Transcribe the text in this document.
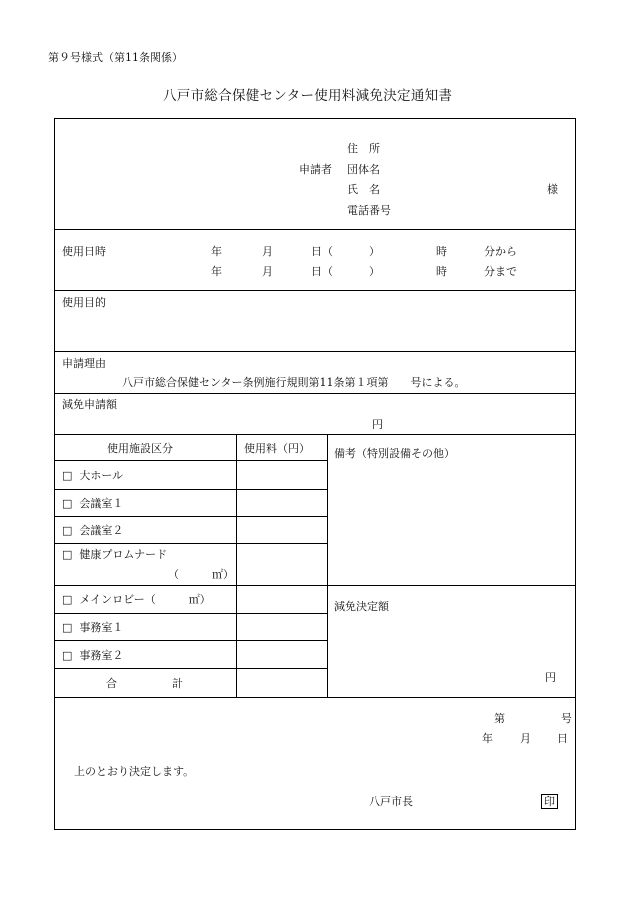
第９号様式（第11条関係）
八戸市総合保健センター使用料減免決定通知書
申請者
住　所
団体名
氏　名	様
電話番号
使用日時	年	月	日（	）	時	分から
年	月	日（	）	時	分まで
使用目的
申請理由
八戸市総合保健センター条例施行規則第11条第１項第　　号による。
減免申請額
円
使用施設区分	使用料（円） 備考（特別設備その他）
□ 大ホール
□ 会議室１
□ 会議室２
□ 健康プロムナード
（　　　㎡）
□ メインロビー（　　　㎡）
□ 事務室１
□ 事務室２
合	計
減免決定額
円
第	号
年 月 日
上のとおり決定します。
八戸市長	印
